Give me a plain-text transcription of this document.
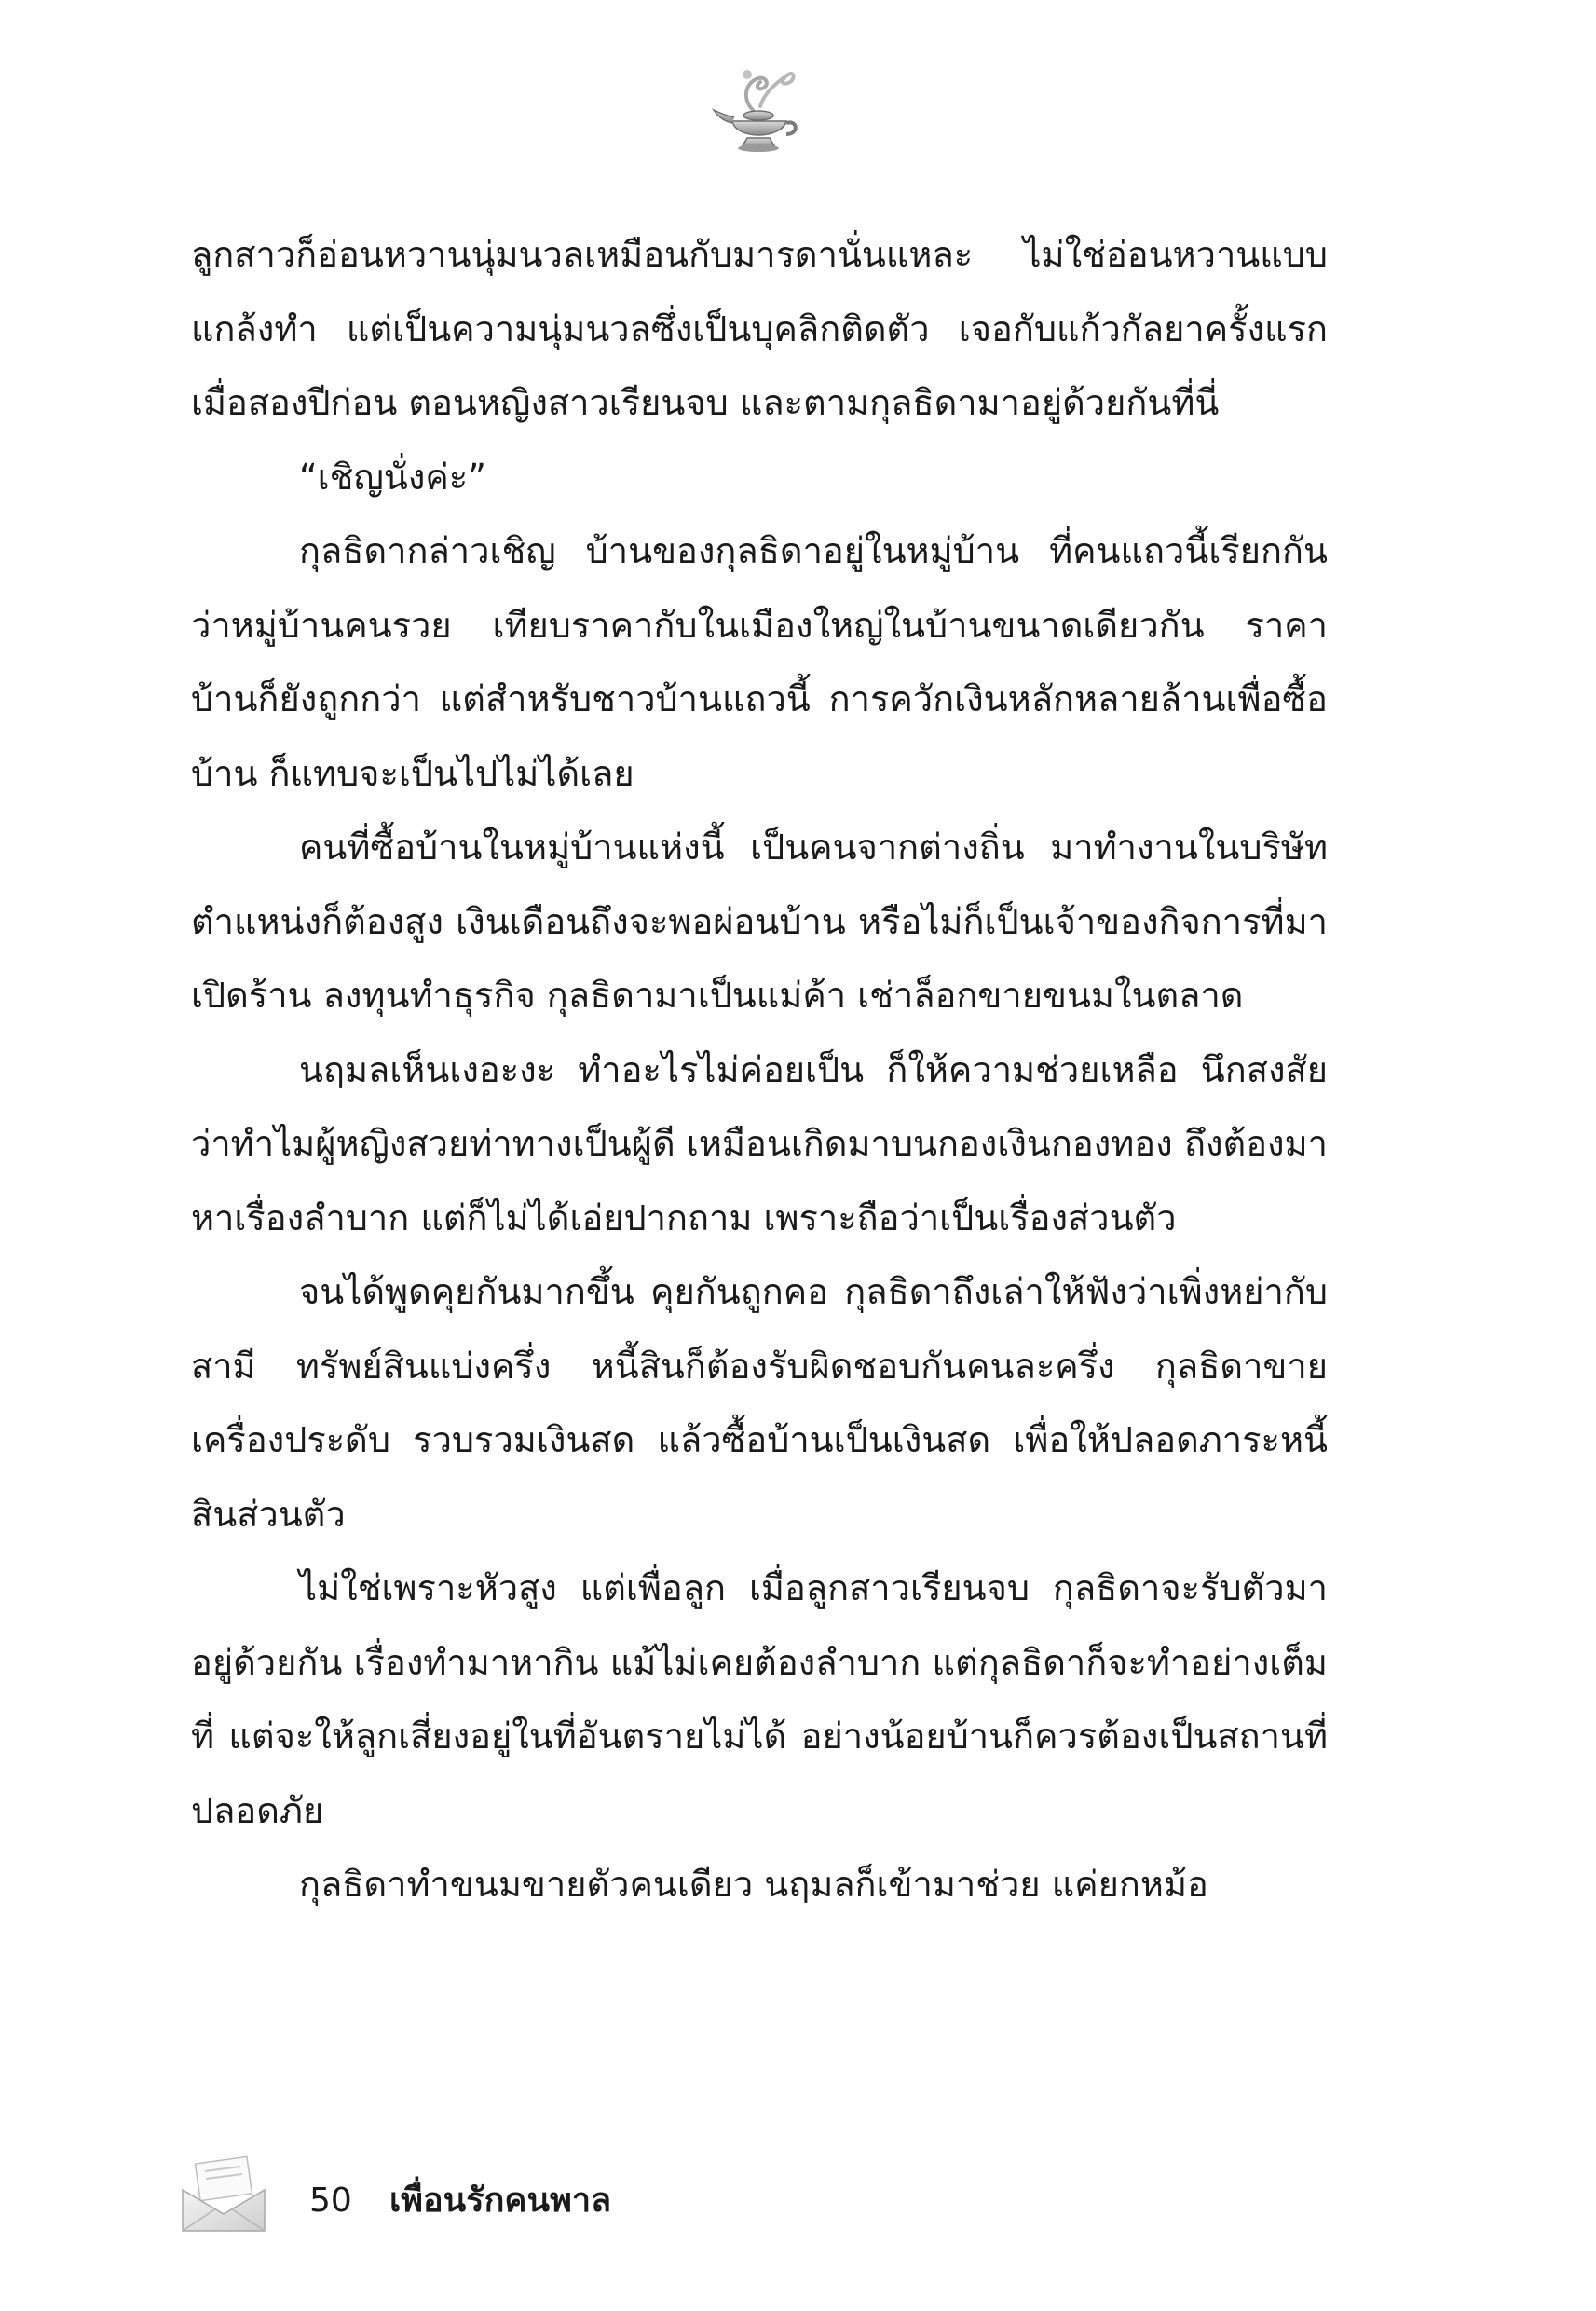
ลูกสาวก็อ่อนหวานนุ่มนวลเหมือนกับมารดานั่นแหละ ไม่ใช่อ่อนหวานแบบแกล้งทำ แต่เป็นความนุ่มนวลซึ่งเป็นบุคลิกติดตัว เจอกับแก้วกัลยาครั้งแรกเมื่อสองปีก่อน ตอนหญิงสาวเรียนจบ และตามกุลธิดามาอยู่ด้วยกันที่นี่

“เชิญนั่งค่ะ”

กุลธิดากล่าวเชิญ บ้านของกุลธิดาอยู่ในหมู่บ้าน ที่คนแถวนี้เรียกกันว่าหมู่บ้านคนรวย เทียบราคากับในเมืองใหญ่ในบ้านขนาดเดียวกัน ราคาบ้านก็ยังถูกกว่า แต่สำหรับชาวบ้านแถวนี้ การควักเงินหลักหลายล้านเพื่อซื้อบ้าน ก็แทบจะเป็นไปไม่ได้เลย

คนที่ซื้อบ้านในหมู่บ้านแห่งนี้ เป็นคนจากต่างถิ่น มาทำงานในบริษัท ตำแหน่งก็ต้องสูง เงินเดือนถึงจะพอผ่อนบ้าน หรือไม่ก็เป็นเจ้าของกิจการที่มาเปิดร้าน ลงทุนทำธุรกิจ กุลธิดามาเป็นแม่ค้า เช่าล็อกขายขนมในตลาด

นฤมลเห็นเงอะงะ ทำอะไรไม่ค่อยเป็น ก็ให้ความช่วยเหลือ นึกสงสัยว่าทำไมผู้หญิงสวยท่าทางเป็นผู้ดี เหมือนเกิดมาบนกองเงินกองทอง ถึงต้องมาหาเรื่องลำบาก แต่ก็ไม่ได้เอ่ยปากถาม เพราะถือว่าเป็นเรื่องส่วนตัว

จนได้พูดคุยกันมากขึ้น คุยกันถูกคอ กุลธิดาถึงเล่าให้ฟังว่าเพิ่งหย่ากับสามี ทรัพย์สินแบ่งครึ่ง หนี้สินก็ต้องรับผิดชอบกันคนละครึ่ง กุลธิดาขายเครื่องประดับ รวบรวมเงินสด แล้วซื้อบ้านเป็นเงินสด เพื่อให้ปลอดภาระหนี้สินส่วนตัว

ไม่ใช่เพราะหัวสูง แต่เพื่อลูก เมื่อลูกสาวเรียนจบ กุลธิดาจะรับตัวมาอยู่ด้วยกัน เรื่องทำมาหากิน แม้ไม่เคยต้องลำบาก แต่กุลธิดาก็จะทำอย่างเต็มที่ แต่จะให้ลูกเสี่ยงอยู่ในที่อันตรายไม่ได้ อย่างน้อยบ้านก็ควรต้องเป็นสถานที่ปลอดภัย

กุลธิดาทำขนมขายตัวคนเดียว นฤมลก็เข้ามาช่วย แค่ยกหม้อ

50 เพื่อนรักคนพาล
